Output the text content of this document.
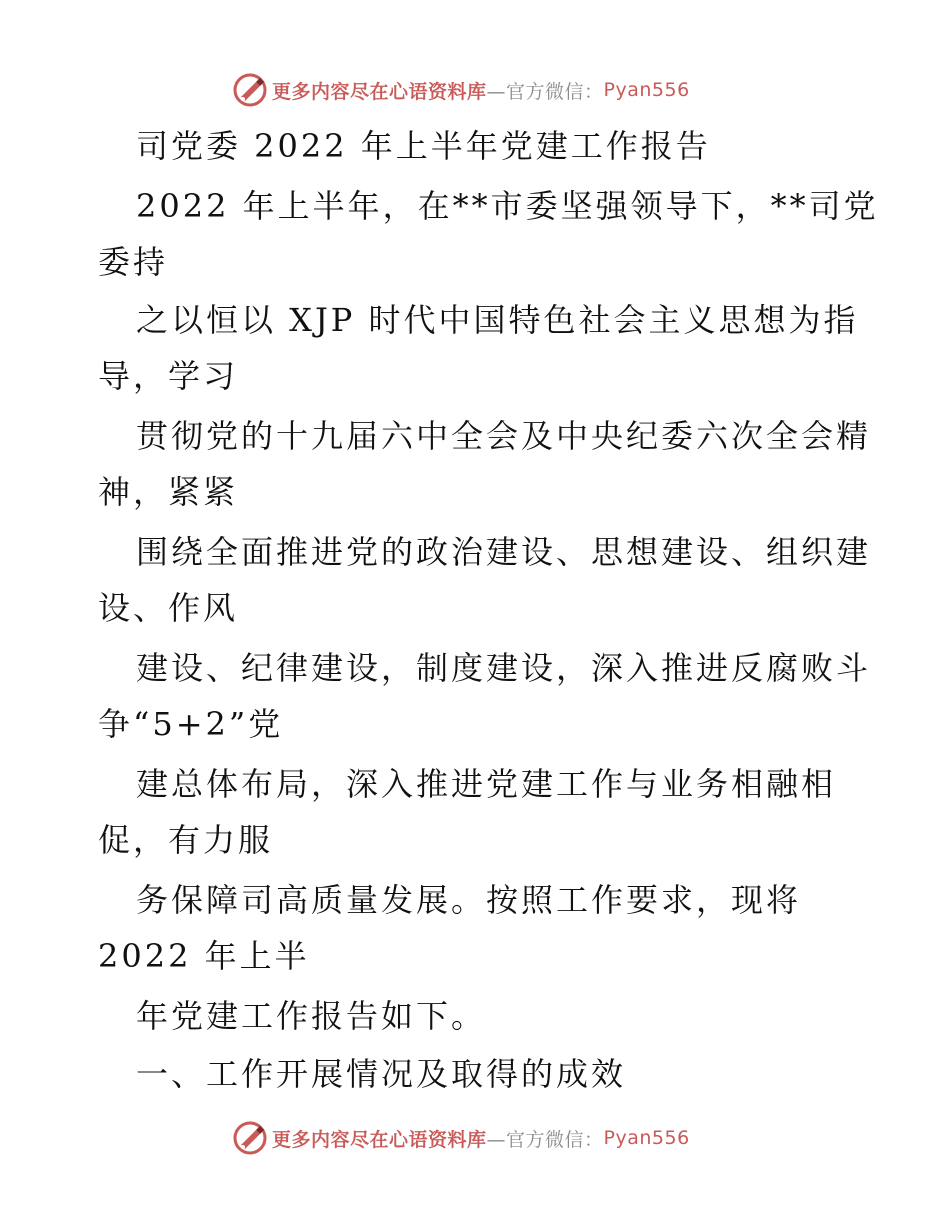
更多内容尽在心语资料库 —官方微信： Pyan556
司党委 2022 年上半年党建工作报告
2022 年上半年，在**市委坚强领导下，**司党
委持
之以恒以 XJP 时代中国特色社会主义思想为指
导，学习
贯彻党的十九届六中全会及中央纪委六次全会精
神，紧紧
围绕全面推进党的政治建设、思想建设、组织建
设、作风
建设、纪律建设，制度建设，深入推进反腐败斗
争“5+2”党
建总体布局，深入推进党建工作与业务相融相
促，有力服
务保障司高质量发展。按照工作要求，现将
2022 年上半
年党建工作报告如下。
一、工作开展情况及取得的成效
更多内容尽在心语资料库 —官方微信： Pyan556
